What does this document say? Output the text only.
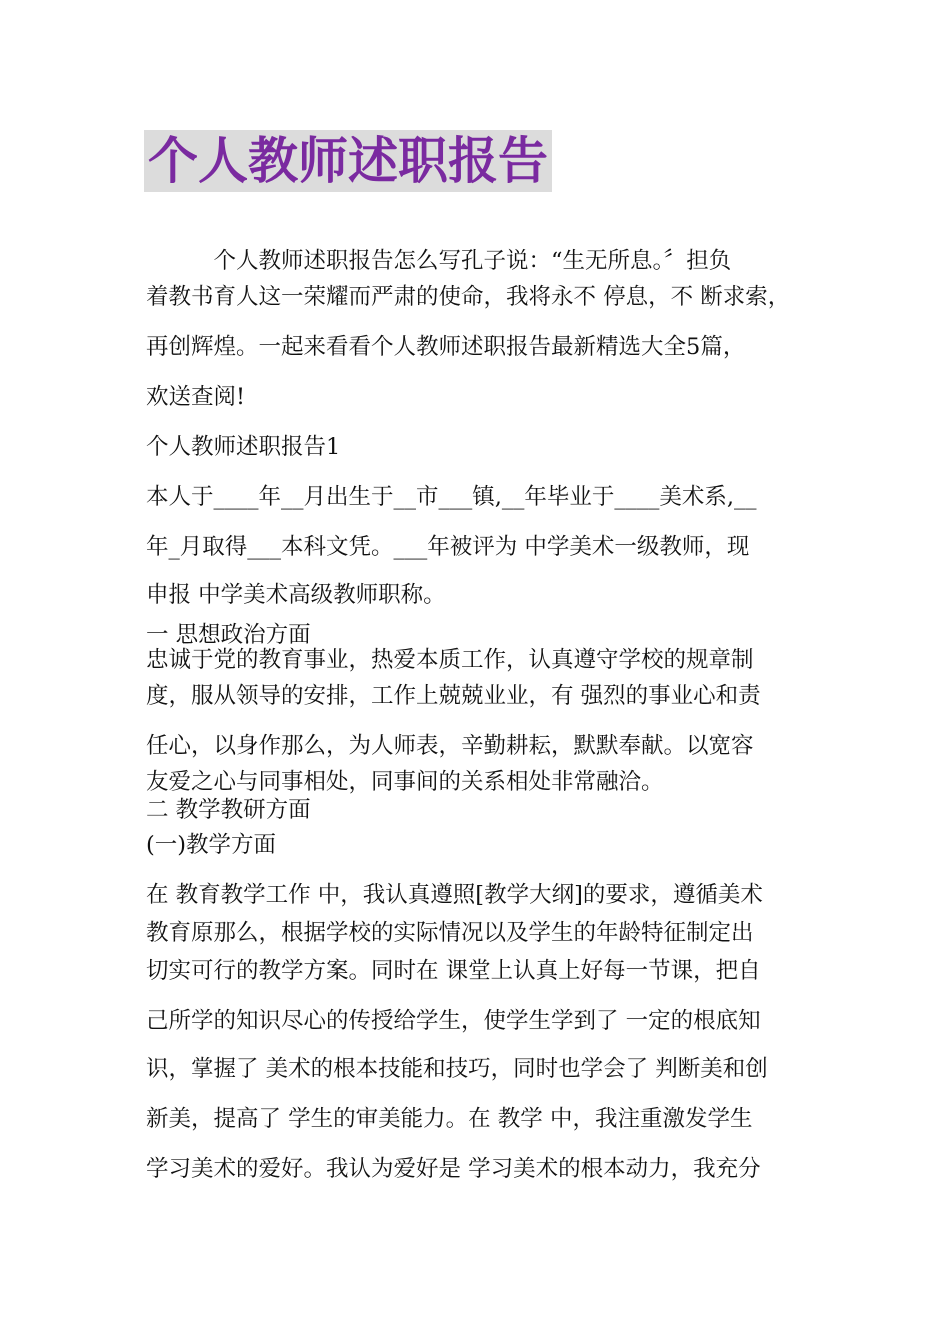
个人教师述职报告
　　　个人教师述职报告怎么写孔子说：“生无所息。〞担负
着教书育人这一荣耀而严肃的使命，我将永不 停息，不 断求索，
再创辉煌。一起来看看个人教师述职报告最新精选大全5篇，
欢送查阅!
个人教师述职报告1
本人于____年__月出生于__市___镇,__年毕业于____美术系,__
年_月取得___本科文凭。___年被评为 中学美术一级教师，现
申报 中学美术高级教师职称。
一 思想政治方面
忠诚于党的教育事业，热爱本质工作，认真遵守学校的规章制
度，服从领导的安排，工作上兢兢业业，有 强烈的事业心和责
任心，以身作那么，为人师表，辛勤耕耘，默默奉献。以宽容
友爱之心与同事相处，同事间的关系相处非常融洽。
二 教学教研方面
(一)教学方面
在 教育教学工作 中，我认真遵照[教学大纲]的要求，遵循美术
教育原那么，根据学校的实际情况以及学生的年龄特征制定出
切实可行的教学方案。同时在 课堂上认真上好每一节课，把自
己所学的知识尽心的传授给学生，使学生学到了 一定的根底知
识，掌握了 美术的根本技能和技巧，同时也学会了 判断美和创
新美，提高了 学生的审美能力。在 教学 中，我注重激发学生
学习美术的爱好。我认为爱好是 学习美术的根本动力，我充分
